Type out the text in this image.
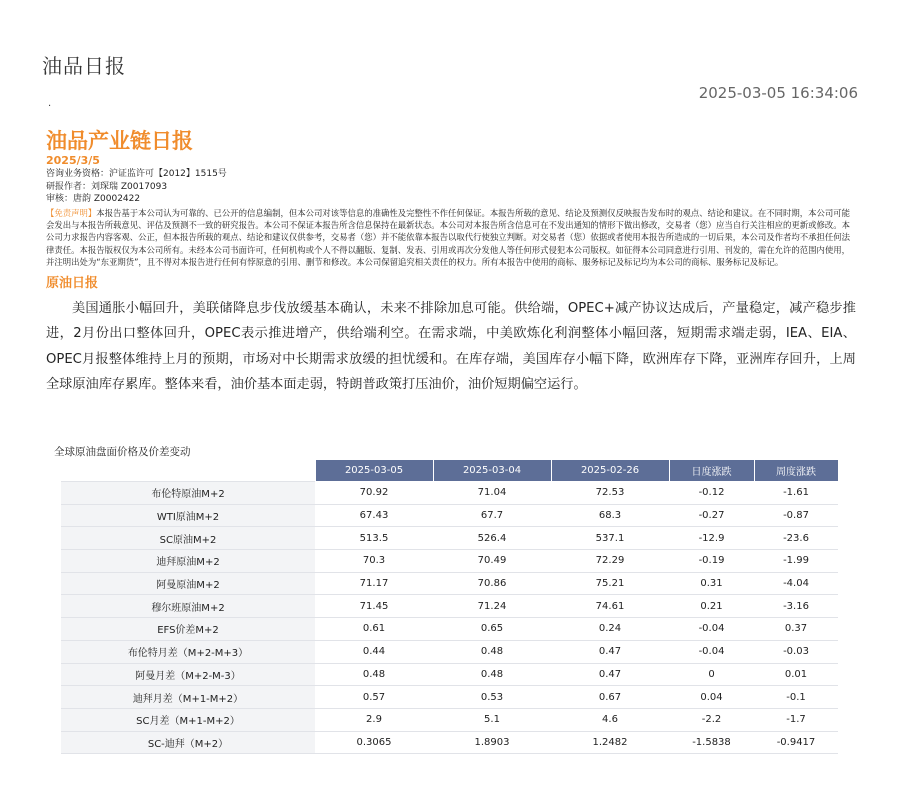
油品日报
2025-03-05 16:34:06
.
油品产业链日报
2025/3/5
咨询业务资格：沪证监许可【2012】1515号
研报作者：刘琛瑞 Z0017093
审核：唐韵 Z0002422
【免责声明】本报告基于本公司认为可靠的、已公开的信息编制，但本公司对该等信息的准确性及完整性不作任何保证。本报告所载的意见、结论及预测仅反映报告发布时的观点、结论和建议。在不同时期，本公司可能会发出与本报告所载意见、评估及预测不一致的研究报告。本公司不保证本报告所含信息保持在最新状态。本公司对本报告所含信息可在不发出通知的情形下做出修改，交易者（您）应当自行关注相应的更新或修改。本公司力求报告内容客观、公正，但本报告所载的观点、结论和建议仅供参考，交易者（您）并不能依靠本报告以取代行使独立判断。对交易者（您）依据或者使用本报告所造成的一切后果，本公司及作者均不承担任何法律责任。本报告版权仅为本公司所有。未经本公司书面许可，任何机构或个人不得以翻版、复制、发表、引用或再次分发他人等任何形式侵犯本公司版权。如征得本公司同意进行引用、刊发的，需在允许的范围内使用，并注明出处为“东亚期货”，且不得对本报告进行任何有悖原意的引用、删节和修改。本公司保留追究相关责任的权力。所有本报告中使用的商标、服务标记及标记均为本公司的商标、服务标记及标记。
原油日报
美国通胀小幅回升，美联储降息步伐放缓基本确认，未来不排除加息可能。供给端，OPEC+减产协议达成后，产量稳定，减产稳步推进，2月份出口整体回升，OPEC表示推进增产，供给端利空。在需求端，中美欧炼化利润整体小幅回落，短期需求端走弱，IEA、EIA、OPEC月报整体维持上月的预期，市场对中长期需求放缓的担忧缓和。在库存端，美国库存小幅下降，欧洲库存下降，亚洲库存回升，上周全球原油库存累库。整体来看，油价基本面走弱，特朗普政策打压油价，油价短期偏空运行。
全球原油盘面价格及价差变动
	2025-03-05	2025-03-04	2025-02-26	日度涨跌	周度涨跌
布伦特原油M+2	70.92	71.04	72.53	-0.12	-1.61
WTI原油M+2	67.43	67.7	68.3	-0.27	-0.87
SC原油M+2	513.5	526.4	537.1	-12.9	-23.6
迪拜原油M+2	70.3	70.49	72.29	-0.19	-1.99
阿曼原油M+2	71.17	70.86	75.21	0.31	-4.04
穆尔班原油M+2	71.45	71.24	74.61	0.21	-3.16
EFS价差M+2	0.61	0.65	0.24	-0.04	0.37
布伦特月差（M+2-M+3）	0.44	0.48	0.47	-0.04	-0.03
阿曼月差（M+2-M-3）	0.48	0.48	0.47	0	0.01
迪拜月差（M+1-M+2）	0.57	0.53	0.67	0.04	-0.1
SC月差（M+1-M+2）	2.9	5.1	4.6	-2.2	-1.7
SC-迪拜（M+2）	0.3065	1.8903	1.2482	-1.5838	-0.9417
